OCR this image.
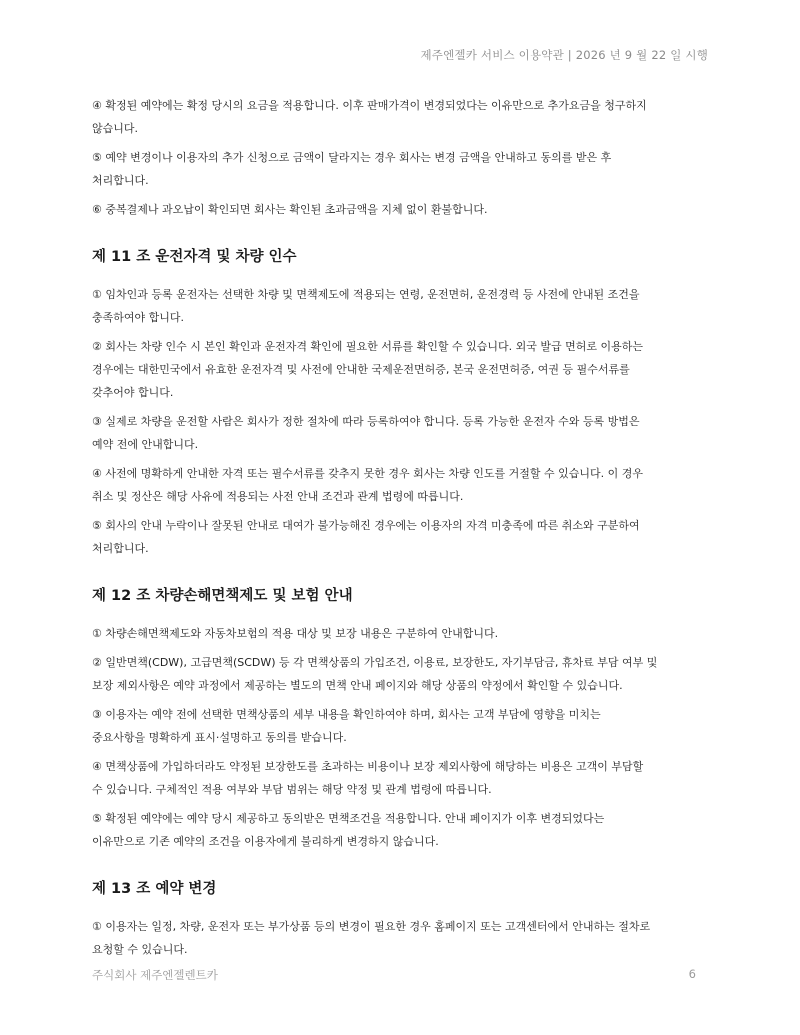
제주엔젤카 서비스 이용약관 | 2026 년 9 월 22 일 시행
④ 확정된 예약에는 확정 당시의 요금을 적용합니다. 이후 판매가격이 변경되었다는 이유만으로 추가요금을 청구하지
않습니다.
⑤ 예약 변경이나 이용자의 추가 신청으로 금액이 달라지는 경우 회사는 변경 금액을 안내하고 동의를 받은 후
처리합니다.
⑥ 중복결제나 과오납이 확인되면 회사는 확인된 초과금액을 지체 없이 환불합니다.
제 11 조 운전자격 및 차량 인수
① 임차인과 등록 운전자는 선택한 차량 및 면책제도에 적용되는 연령, 운전면허, 운전경력 등 사전에 안내된 조건을
충족하여야 합니다.
② 회사는 차량 인수 시 본인 확인과 운전자격 확인에 필요한 서류를 확인할 수 있습니다. 외국 발급 면허로 이용하는
경우에는 대한민국에서 유효한 운전자격 및 사전에 안내한 국제운전면허증, 본국 운전면허증, 여권 등 필수서류를
갖추어야 합니다.
③ 실제로 차량을 운전할 사람은 회사가 정한 절차에 따라 등록하여야 합니다. 등록 가능한 운전자 수와 등록 방법은
예약 전에 안내합니다.
④ 사전에 명확하게 안내한 자격 또는 필수서류를 갖추지 못한 경우 회사는 차량 인도를 거절할 수 있습니다. 이 경우
취소 및 정산은 해당 사유에 적용되는 사전 안내 조건과 관계 법령에 따릅니다.
⑤ 회사의 안내 누락이나 잘못된 안내로 대여가 불가능해진 경우에는 이용자의 자격 미충족에 따른 취소와 구분하여
처리합니다.
제 12 조 차량손해면책제도 및 보험 안내
① 차량손해면책제도와 자동차보험의 적용 대상 및 보장 내용은 구분하여 안내합니다.
② 일반면책(CDW), 고급면책(SCDW) 등 각 면책상품의 가입조건, 이용료, 보장한도, 자기부담금, 휴차료 부담 여부 및
보장 제외사항은 예약 과정에서 제공하는 별도의 면책 안내 페이지와 해당 상품의 약정에서 확인할 수 있습니다.
③ 이용자는 예약 전에 선택한 면책상품의 세부 내용을 확인하여야 하며, 회사는 고객 부담에 영향을 미치는
중요사항을 명확하게 표시·설명하고 동의를 받습니다.
④ 면책상품에 가입하더라도 약정된 보장한도를 초과하는 비용이나 보장 제외사항에 해당하는 비용은 고객이 부담할
수 있습니다. 구체적인 적용 여부와 부담 범위는 해당 약정 및 관계 법령에 따릅니다.
⑤ 확정된 예약에는 예약 당시 제공하고 동의받은 면책조건을 적용합니다. 안내 페이지가 이후 변경되었다는
이유만으로 기존 예약의 조건을 이용자에게 불리하게 변경하지 않습니다.
제 13 조 예약 변경
① 이용자는 일정, 차량, 운전자 또는 부가상품 등의 변경이 필요한 경우 홈페이지 또는 고객센터에서 안내하는 절차로
요청할 수 있습니다.
주식회사 제주엔젤렌트카	6
